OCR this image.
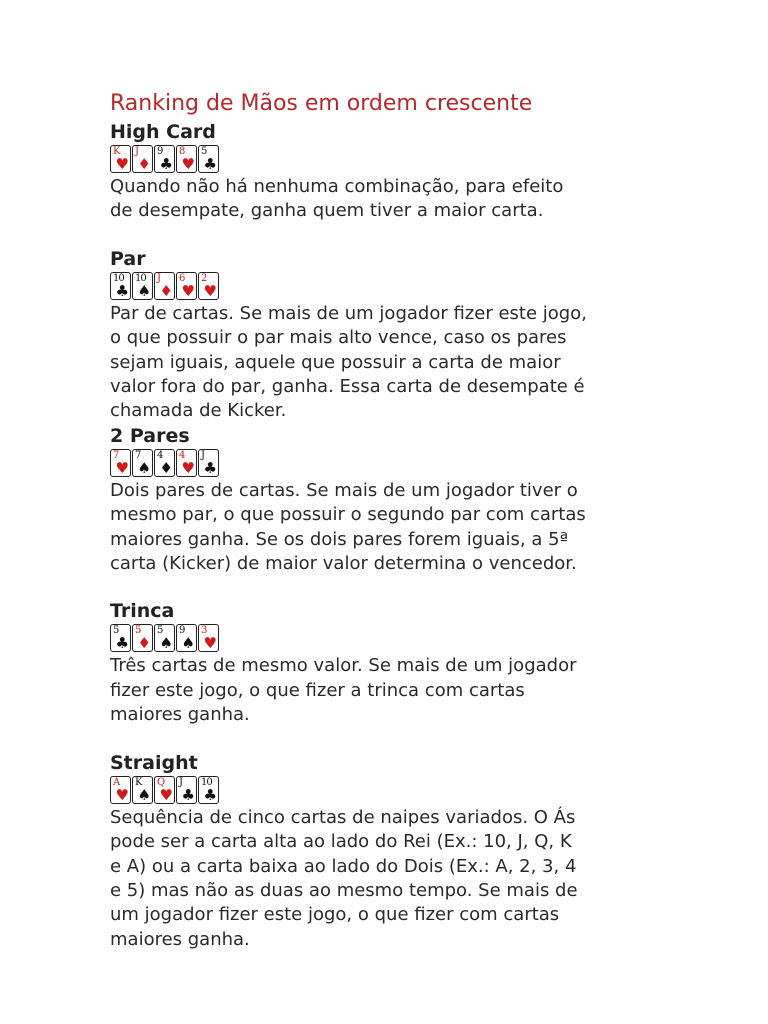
Ranking de Mãos em ordem crescente
High Card
K
♥
J
♦
9
♣
8
♥
5
♣

Quando não há nenhuma combinação, para efeito

de desempate, ganha quem tiver a maior carta.

Par
10
♣
10
♠
J
♦
6
♥
2
♥

Par de cartas. Se mais de um jogador fizer este jogo,

o que possuir o par mais alto vence, caso os pares

sejam iguais, aquele que possuir a carta de maior

valor fora do par, ganha. Essa carta de desempate é

chamada de Kicker.

2 Pares
7
♥
7
♠
4
♦
4
♥
J
♣

Dois pares de cartas. Se mais de um jogador tiver o

mesmo par, o que possuir o segundo par com cartas

maiores ganha. Se os dois pares forem iguais, a 5ª

carta (Kicker) de maior valor determina o vencedor.

Trinca
5
♣
5
♦
5
♠
9
♠
3
♥

Três cartas de mesmo valor. Se mais de um jogador

fizer este jogo, o que fizer a trinca com cartas

maiores ganha.

Straight
A
♥
K
♠
Q
♥
J
♣
10
♣

Sequência de cinco cartas de naipes variados. O Ás

pode ser a carta alta ao lado do Rei (Ex.: 10, J, Q, K

e A) ou a carta baixa ao lado do Dois (Ex.: A, 2, 3, 4

e 5) mas não as duas ao mesmo tempo. Se mais de

um jogador fizer este jogo, o que fizer com cartas

maiores ganha.
